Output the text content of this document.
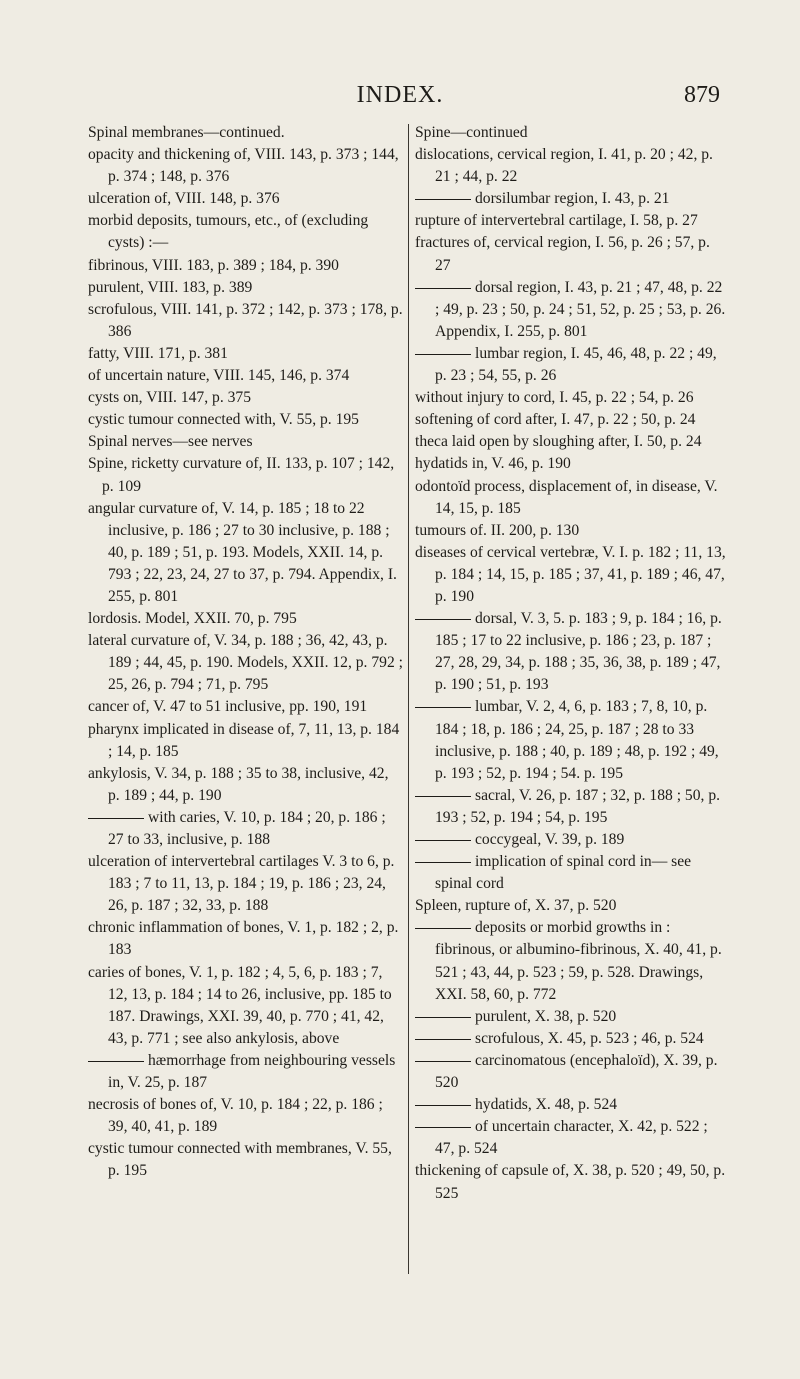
INDEX.	879

Spinal membranes—continued.

opacity and thickening of, VIII. 143, p. 373 ; 144, p. 374 ; 148, p. 376

ulceration of, VIII. 148, p. 376

morbid deposits, tumours, etc., of (excluding cysts) :—

fibrinous, VIII. 183, p. 389 ; 184, p. 390

purulent, VIII. 183, p. 389

scrofulous, VIII. 141, p. 372 ; 142, p. 373 ; 178, p. 386

fatty, VIII. 171, p. 381

of uncertain nature, VIII. 145, 146, p. 374

cysts on, VIII. 147, p. 375

cystic tumour connected with, V. 55, p. 195

Spinal nerves—see nerves

Spine, ricketty curvature of, II. 133, p. 107 ; 142, p. 109

angular curvature of, V. 14, p. 185 ; 18 to 22 inclusive, p. 186 ; 27 to 30 inclusive, p. 188 ; 40, p. 189 ; 51, p. 193. Models, XXII. 14, p. 793 ; 22, 23, 24, 27 to 37, p. 794. Appendix, I. 255, p. 801

lordosis. Model, XXII. 70, p. 795

lateral curvature of, V. 34, p. 188 ; 36, 42, 43, p. 189 ; 44, 45, p. 190. Models, XXII. 12, p. 792 ; 25, 26, p. 794 ; 71, p. 795

cancer of, V. 47 to 51 inclusive, pp. 190, 191

pharynx implicated in disease of, 7, 11, 13, p. 184 ; 14, p. 185

ankylosis, V. 34, p. 188 ; 35 to 38, inclusive, 42, p. 189 ; 44, p. 190

with caries, V. 10, p. 184 ; 20, p. 186 ; 27 to 33, inclusive, p. 188

ulceration of intervertebral cartilages V. 3 to 6, p. 183 ; 7 to 11, 13, p. 184 ; 19, p. 186 ; 23, 24, 26, p. 187 ; 32, 33, p. 188

chronic inflammation of bones, V. 1, p. 182 ; 2, p. 183

caries of bones, V. 1, p. 182 ; 4, 5, 6, p. 183 ; 7, 12, 13, p. 184 ; 14 to 26, inclusive, pp. 185 to 187. Drawings, XXI. 39, 40, p. 770 ; 41, 42, 43, p. 771 ; see also ankylosis, above

hæmorrhage from neighbouring vessels in, V. 25, p. 187

necrosis of bones of, V. 10, p. 184 ; 22, p. 186 ; 39, 40, 41, p. 189

cystic tumour connected with membranes, V. 55, p. 195

Spine—continued

dislocations, cervical region, I. 41, p. 20 ; 42, p. 21 ; 44, p. 22

dorsilumbar region, I. 43, p. 21

rupture of intervertebral cartilage, I. 58, p. 27

fractures of, cervical region, I. 56, p. 26 ; 57, p. 27

dorsal region, I. 43, p. 21 ; 47, 48, p. 22 ; 49, p. 23 ; 50, p. 24 ; 51, 52, p. 25 ; 53, p. 26. Appendix, I. 255, p. 801

lumbar region, I. 45, 46, 48, p. 22 ; 49, p. 23 ; 54, 55, p. 26

without injury to cord, I. 45, p. 22 ; 54, p. 26

softening of cord after, I. 47, p. 22 ; 50, p. 24

theca laid open by sloughing after, I. 50, p. 24

hydatids in, V. 46, p. 190

odontoïd process, displacement of, in disease, V. 14, 15, p. 185

tumours of. II. 200, p. 130

diseases of cervical vertebræ, V. I. p. 182 ; 11, 13, p. 184 ; 14, 15, p. 185 ; 37, 41, p. 189 ; 46, 47, p. 190

dorsal, V. 3, 5. p. 183 ; 9, p. 184 ; 16, p. 185 ; 17 to 22 inclusive, p. 186 ; 23, p. 187 ; 27, 28, 29, 34, p. 188 ; 35, 36, 38, p. 189 ; 47, p. 190 ; 51, p. 193

lumbar, V. 2, 4, 6, p. 183 ; 7, 8, 10, p. 184 ; 18, p. 186 ; 24, 25, p. 187 ; 28 to 33 inclusive, p. 188 ; 40, p. 189 ; 48, p. 192 ; 49, p. 193 ; 52, p. 194 ; 54. p. 195

sacral, V. 26, p. 187 ; 32, p. 188 ; 50, p. 193 ; 52, p. 194 ; 54, p. 195

coccygeal, V. 39, p. 189

implication of spinal cord in— see spinal cord

Spleen, rupture of, X. 37, p. 520

deposits or morbid growths in : fibrinous, or albuminо-fibrinous, X. 40, 41, p. 521 ; 43, 44, p. 523 ; 59, p. 528. Drawings, XXI. 58, 60, p. 772

purulent, X. 38, p. 520

scrofulous, X. 45, p. 523 ; 46, p. 524

carcinomatous (encephaloïd), X. 39, p. 520

hydatids, X. 48, p. 524

of uncertain character, X. 42, p. 522 ; 47, p. 524

thickening of capsule of, X. 38, p. 520 ; 49, 50, p. 525
